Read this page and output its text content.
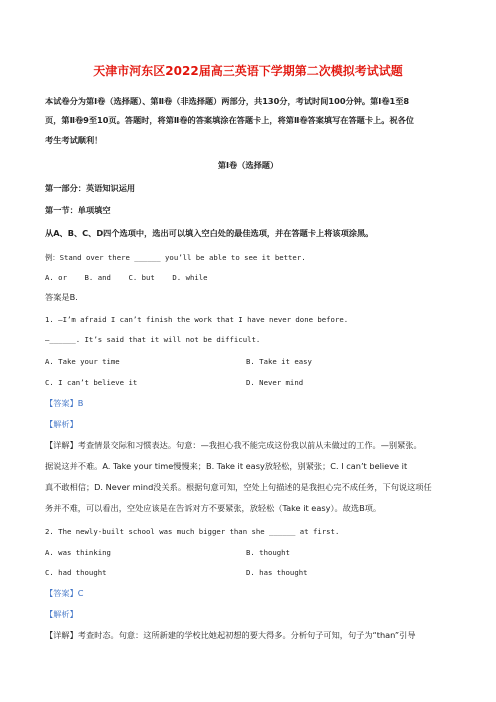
天津市河东区2022届高三英语下学期第二次模拟考试试题
本试卷分为第Ⅰ卷（选择题）、第Ⅱ卷（非选择题）两部分，共130分，考试时间100分钟。第Ⅰ卷1至8
页，第Ⅱ卷9至10页。答题时，将第Ⅱ卷的答案填涂在答题卡上，将第Ⅱ卷答案填写在答题卡上。祝各位
考生考试顺利！
第Ⅰ卷（选择题）
第一部分：英语知识运用
第一节：单项填空
从A、B、C、D四个选项中，选出可以填入空白处的最佳选项，并在答题卡上将该项涂黑。
例：Stand over there ______ you’ll be able to see it better.
A. or    B. and    C. but    D. while
答案是B.
1. —I’m afraid I can’t finish the work that I have never done before.
—______. It’s said that it will not be difficult.
A. Take your time	B. Take it easy
C. I can’t believe it	D. Never mind
【答案】B
【解析】
【详解】考查情景交际和习惯表达。句意：—我担心我不能完成这份我以前从未做过的工作。—别紧张。
据说这并不难。A. Take your time慢慢来；B. Take it easy放轻松，别紧张；C. I can’t believe it
真不敢相信；D. Never mind没关系。根据句意可知，空处上句描述的是我担心完不成任务，下句说这项任
务并不难，可以看出，空处应该是在告诉对方不要紧张，放轻松（Take it easy）。故选B项。
2. The newly-built school was much bigger than she ______ at first.
A. was thinking	B. thought
C. had thought	D. has thought
【答案】C
【解析】
【详解】考查时态。句意：这所新建的学校比她起初想的要大得多。分析句子可知，句子为“than”引导
